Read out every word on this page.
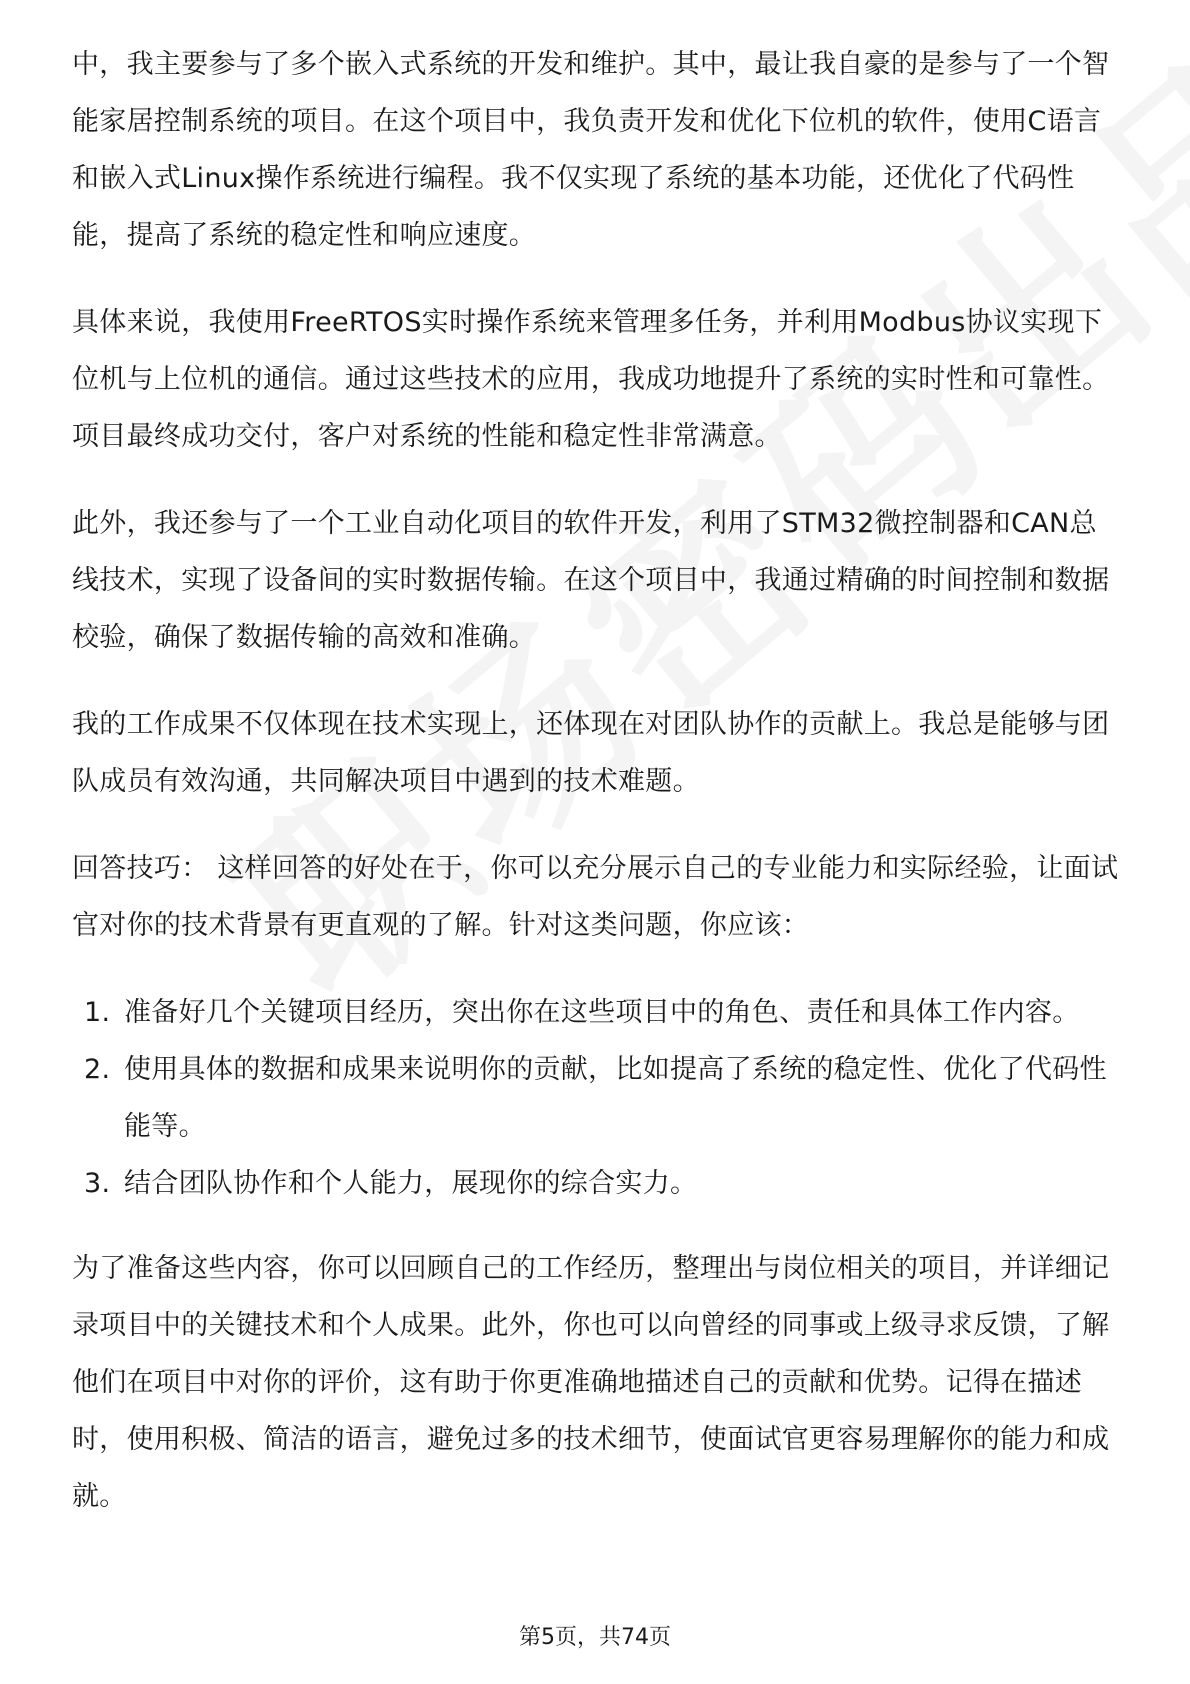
中，我主要参与了多个嵌入式系统的开发和维护。其中，最让我自豪的是参与了一个智能家居控制系统的项目。在这个项目中，我负责开发和优化下位机的软件，使用C语言和嵌入式Linux操作系统进行编程。我不仅实现了系统的基本功能，还优化了代码性能，提高了系统的稳定性和响应速度。

具体来说，我使用FreeRTOS实时操作系统来管理多任务，并利用Modbus协议实现下位机与上位机的通信。通过这些技术的应用，我成功地提升了系统的实时性和可靠性。项目最终成功交付，客户对系统的性能和稳定性非常满意。

此外，我还参与了一个工业自动化项目的软件开发，利用了STM32微控制器和CAN总线技术，实现了设备间的实时数据传输。在这个项目中，我通过精确的时间控制和数据校验，确保了数据传输的高效和准确。

我的工作成果不仅体现在技术实现上，还体现在对团队协作的贡献上。我总是能够与团队成员有效沟通，共同解决项目中遇到的技术难题。

回答技巧： 这样回答的好处在于，你可以充分展示自己的专业能力和实际经验，让面试官对你的技术背景有更直观的了解。针对这类问题，你应该：

1. 准备好几个关键项目经历，突出你在这些项目中的角色、责任和具体工作内容。
2. 使用具体的数据和成果来说明你的贡献，比如提高了系统的稳定性、优化了代码性能等。
3. 结合团队协作和个人能力，展现你的综合实力。

为了准备这些内容，你可以回顾自己的工作经历，整理出与岗位相关的项目，并详细记录项目中的关键技术和个人成果。此外，你也可以向曾经的同事或上级寻求反馈，了解他们在项目中对你的评价，这有助于你更准确地描述自己的贡献和优势。记得在描述时，使用积极、简洁的语言，避免过多的技术细节，使面试官更容易理解你的能力和成就。

第5页，共74页
